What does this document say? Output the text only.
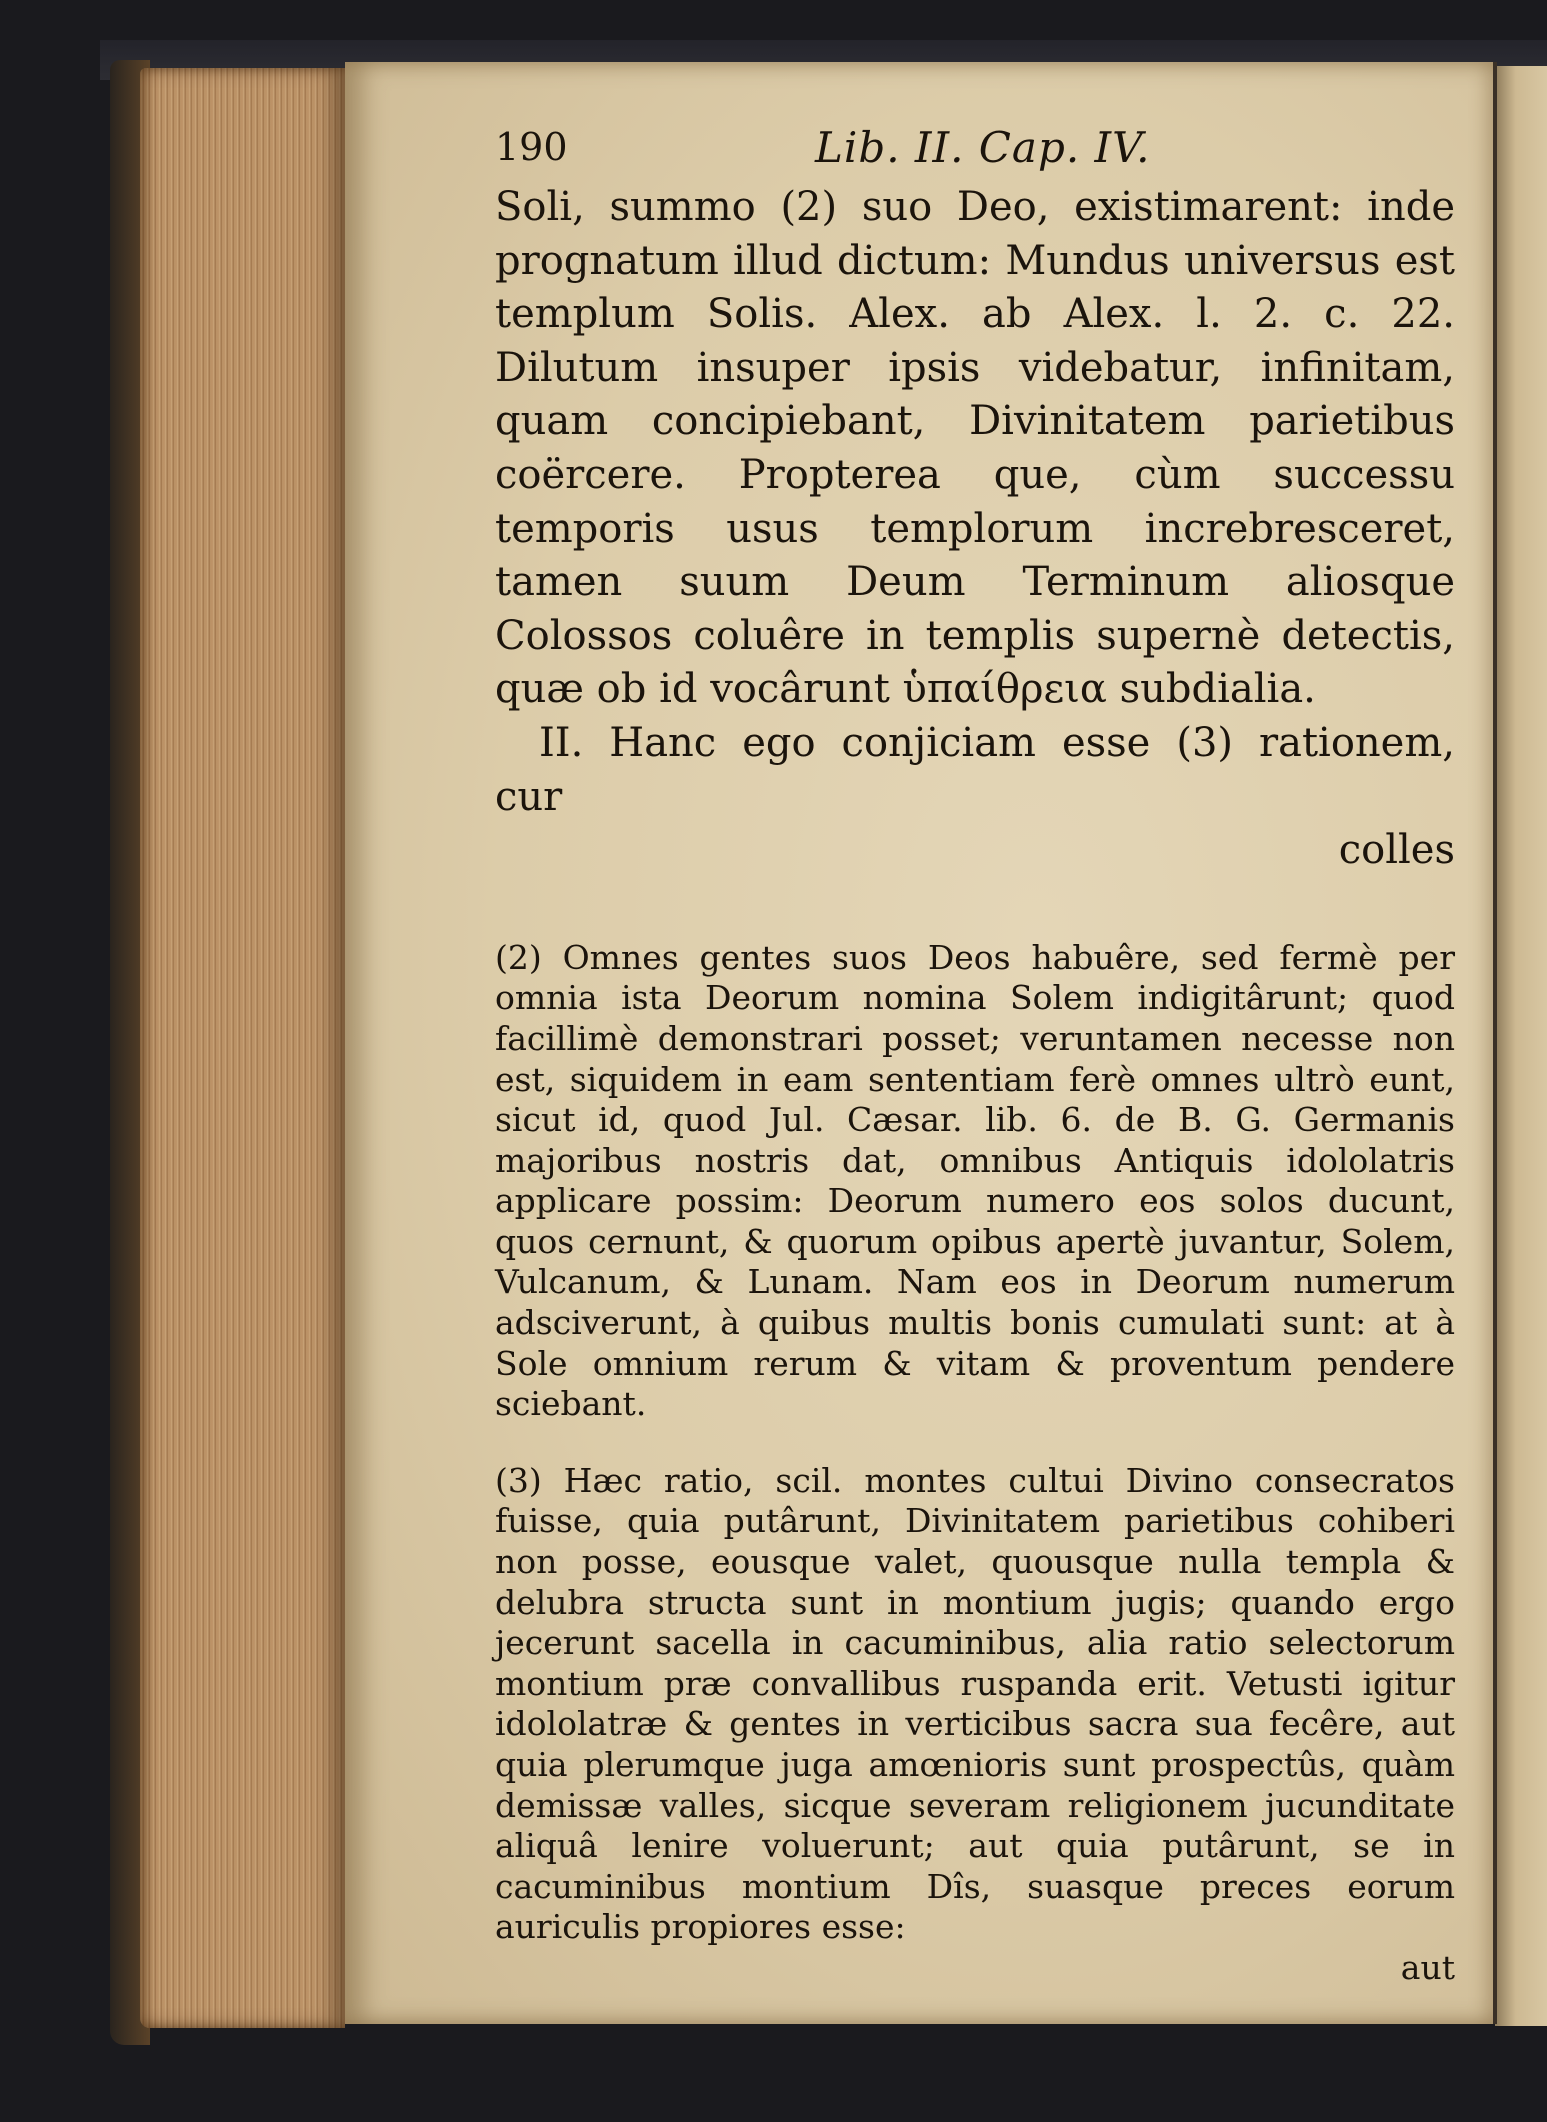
190	Lib. II. Cap. IV.

Soli, summo (2) suo Deo, existimarent: inde prognatum illud dictum: Mundus universus est templum Solis. Alex. ab Alex. l. 2. c. 22. Dilutum insuper ipsis videbatur, infinitam, quam concipiebant, Divinitatem parietibus coërcere. Propterea que, cùm successu temporis usus templorum increbresceret, tamen suum Deum Terminum aliosque Colossos coluêre in templis supernè detectis, quæ ob id vocârunt ὑπαίθρεια subdialia.

II. Hanc ego conjiciam esse (3) rationem, cur

colles

(2) Omnes gentes suos Deos habuêre, sed fermè per omnia ista Deorum nomina Solem indigitârunt; quod facillimè demonstrari posset; veruntamen necesse non est, siquidem in eam sententiam ferè omnes ultrò eunt, sicut id, quod Jul. Cæsar. lib. 6. de B. G. Germanis majoribus nostris dat, omnibus Antiquis idololatris applicare possim: Deorum numero eos solos ducunt, quos cernunt, & quorum opibus apertè juvantur, Solem, Vulcanum, & Lunam. Nam eos in Deorum numerum adsciverunt, à quibus multis bonis cumulati sunt: at à Sole omnium rerum & vitam & proventum pendere sciebant.

(3) Hæc ratio, scil. montes cultui Divino consecratos fuisse, quia putârunt, Divinitatem parietibus cohiberi non posse, eousque valet, quousque nulla templa & delubra structa sunt in montium jugis; quando ergo jecerunt sacella in cacuminibus, alia ratio selectorum montium præ convallibus ruspanda erit. Vetusti igitur idololatræ & gentes in verticibus sacra sua fecêre, aut quia plerumque juga amœnioris sunt prospectûs, quàm demissæ valles, sicque severam religionem jucunditate aliquâ lenire voluerunt; aut quia putârunt, se in cacuminibus montium Dîs, suasque preces eorum auriculis propiores esse:

aut
